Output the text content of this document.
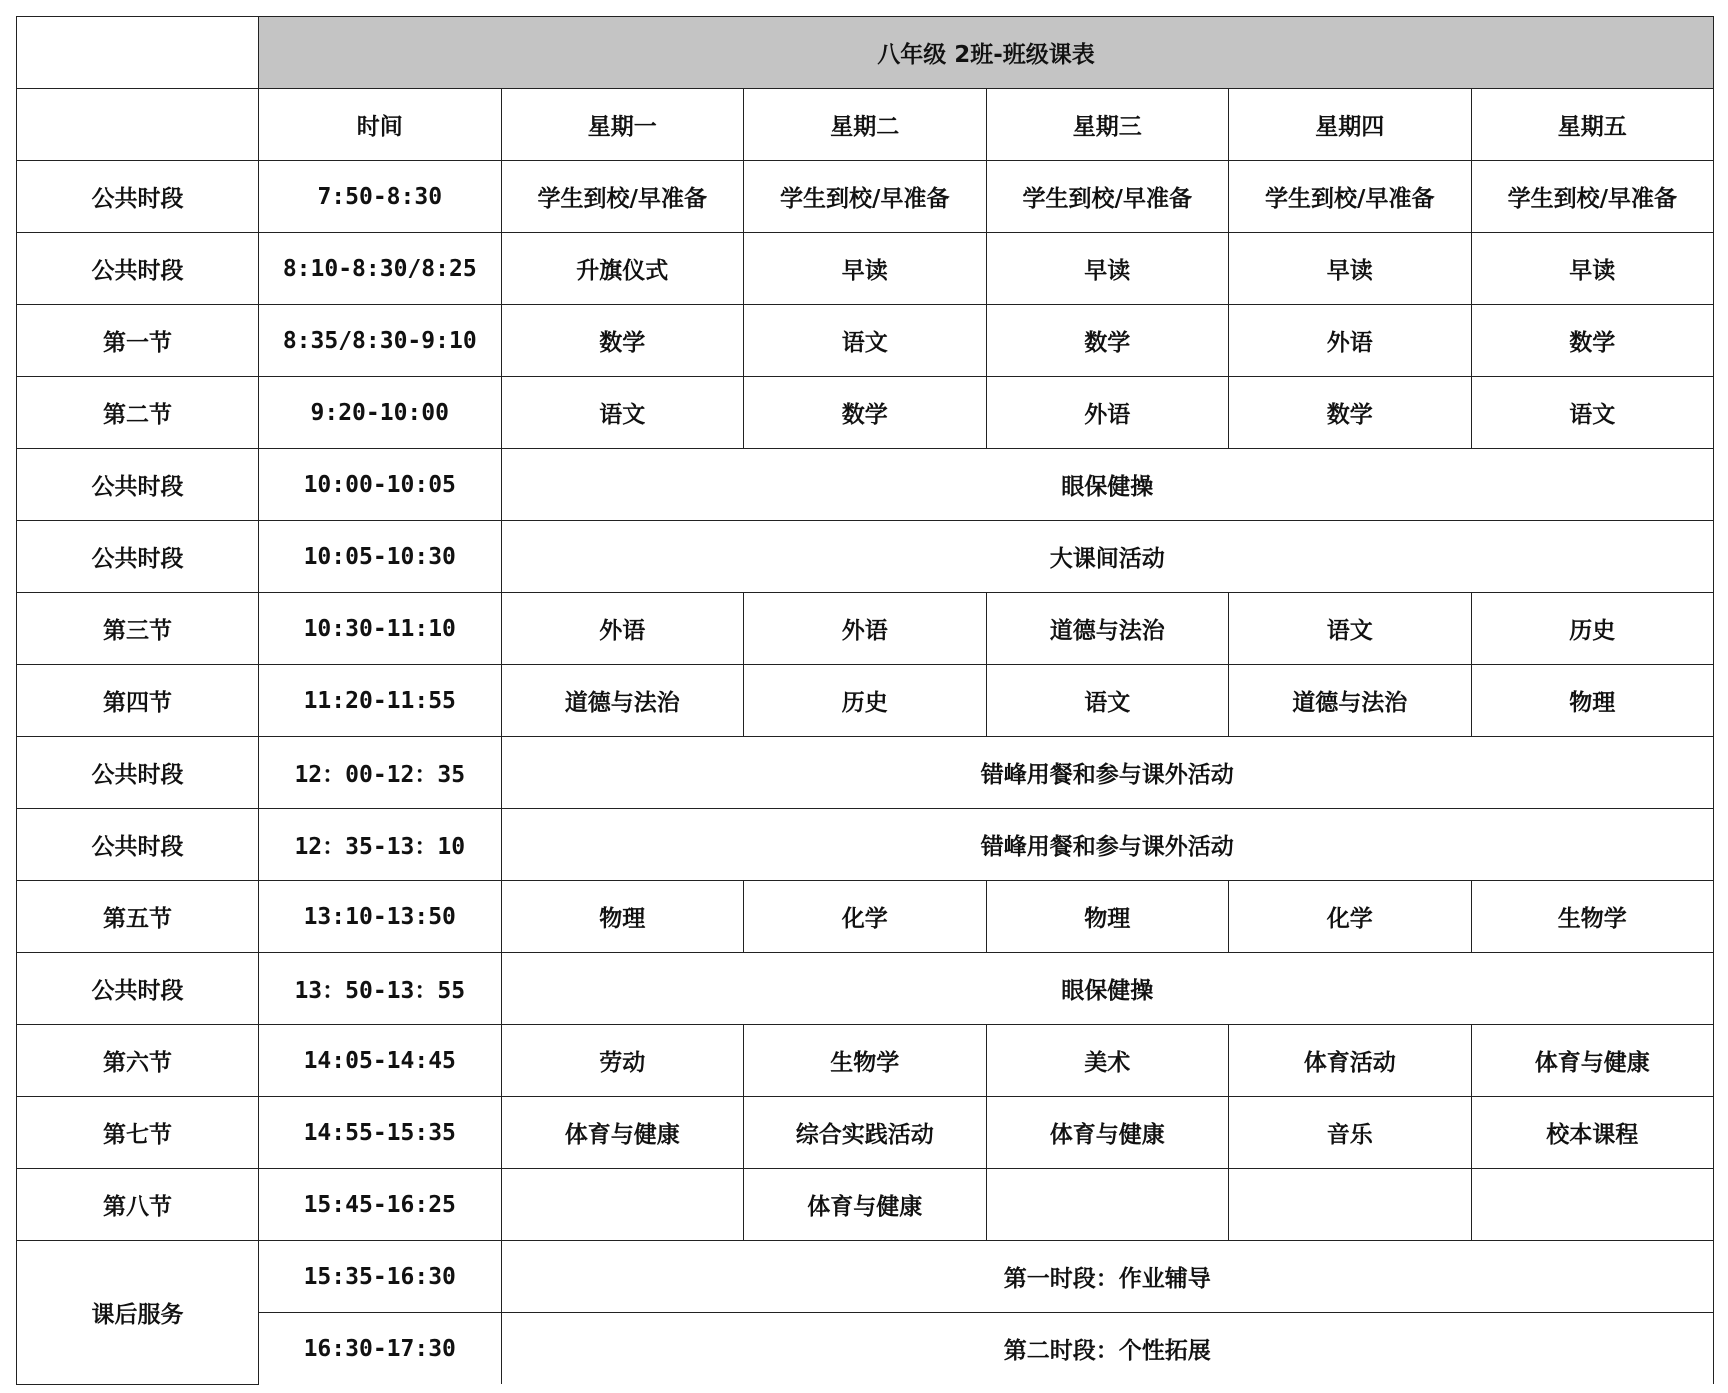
	八年级 2班-班级课表					
	时间	星期一	星期二	星期三	星期四	星期五
公共时段	7:50-8:30	学生到校/早准备	学生到校/早准备	学生到校/早准备	学生到校/早准备	学生到校/早准备
公共时段	8:10-8:30/8:25	升旗仪式	早读	早读	早读	早读
第一节	8:35/8:30-9:10	数学	语文	数学	外语	数学
第二节	9:20-10:00	语文	数学	外语	数学	语文
公共时段	10:00-10:05	眼保健操				
公共时段	10:05-10:30	大课间活动				
第三节	10:30-11:10	外语	外语	道德与法治	语文	历史
第四节	11:20-11:55	道德与法治	历史	语文	道德与法治	物理
公共时段	12：00-12：35	错峰用餐和参与课外活动				
公共时段	12：35-13：10	错峰用餐和参与课外活动				
第五节	13:10-13:50	物理	化学	物理	化学	生物学
公共时段	13：50-13：55	眼保健操				
第六节	14:05-14:45	劳动	生物学	美术	体育活动	体育与健康
第七节	14:55-15:35	体育与健康	综合实践活动	体育与健康	音乐	校本课程
第八节	15:45-16:25		体育与健康			
课后服务	15:35-16:30	第一时段：作业辅导				
	16:30-17:30	第二时段：个性拓展				
